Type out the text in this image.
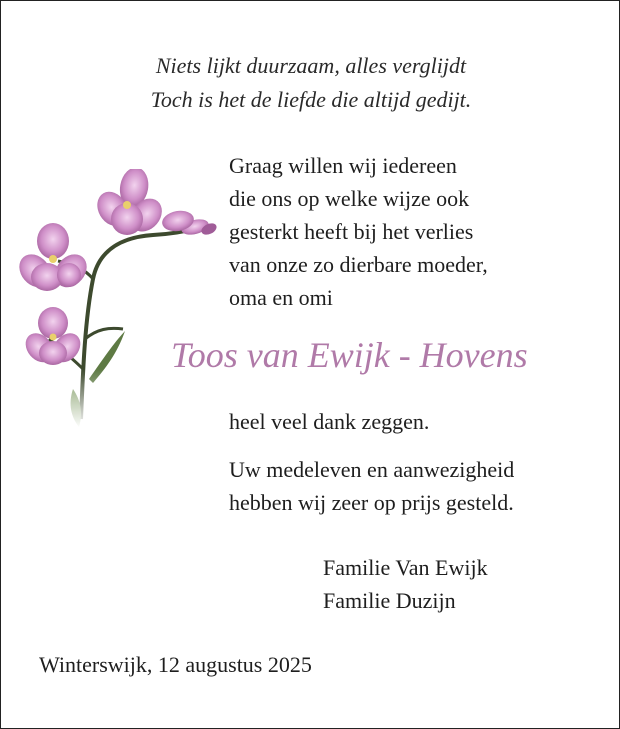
Niets lijkt duurzaam, alles verglijdt
Toch is het de liefde die altijd gedijt.
Graag willen wij iedereen
die ons op welke wijze ook
gesterkt heeft bij het verlies
van onze zo dierbare moeder,
oma en omi
Toos van Ewijk - Hovens
heel veel dank zeggen.
Uw medeleven en aanwezigheid
hebben wij zeer op prijs gesteld.
Familie Van Ewijk
Familie Duzijn
Winterswijk, 12 augustus 2025
